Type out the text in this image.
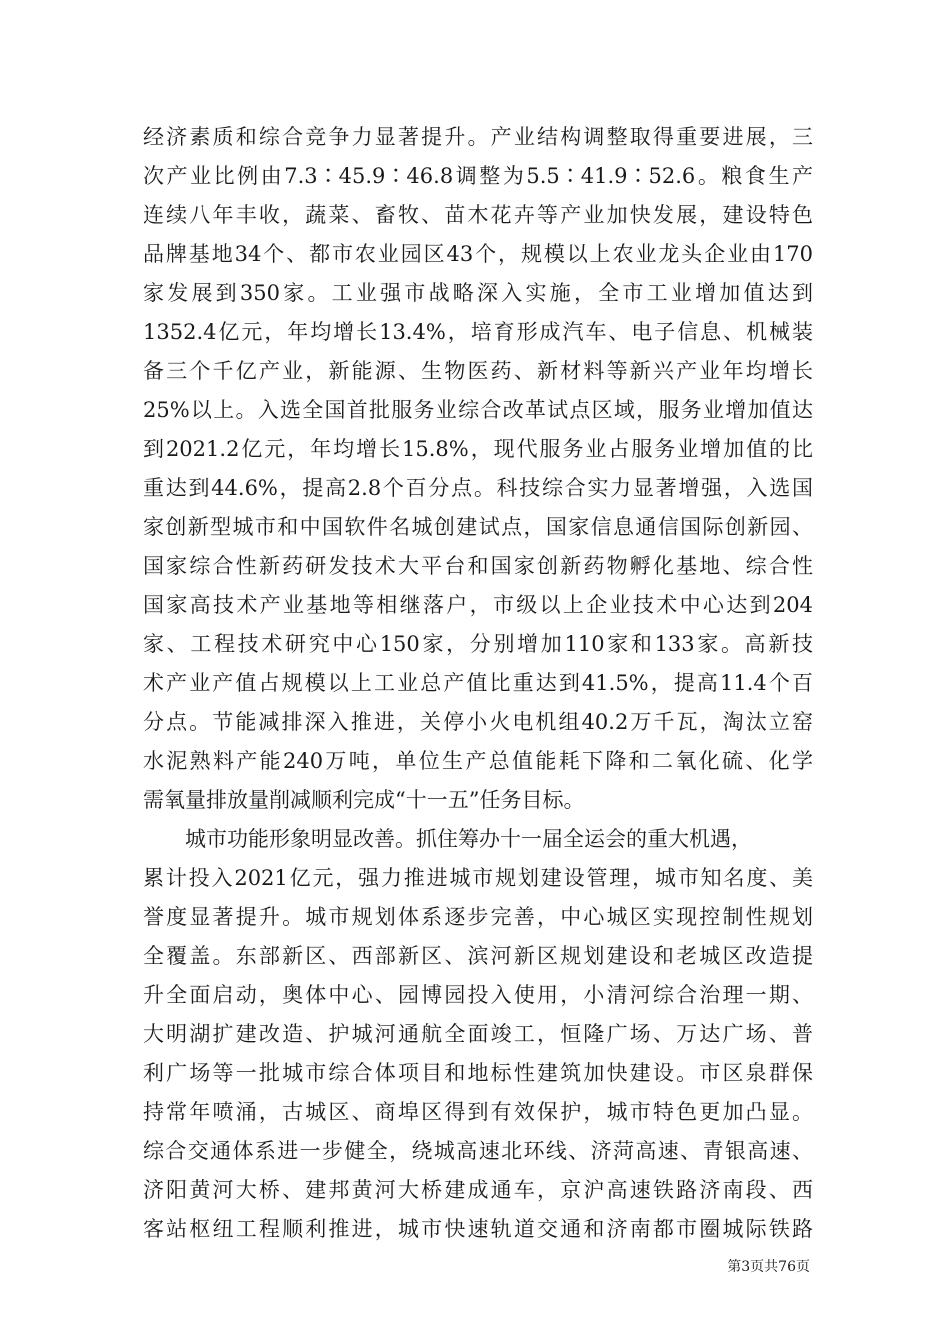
经济素质和综合竞争力显著提升。产业结构调整取得重要进展，三
次产业比例由7.3∶45.9∶46.8调整为5.5∶41.9∶52.6。粮食生产
连续八年丰收，蔬菜、畜牧、苗木花卉等产业加快发展，建设特色
品牌基地34个、都市农业园区43个，规模以上农业龙头企业由170
家发展到350家。工业强市战略深入实施，全市工业增加值达到
1352.4亿元，年均增长13.4%，培育形成汽车、电子信息、机械装
备三个千亿产业，新能源、生物医药、新材料等新兴产业年均增长
25%以上。入选全国首批服务业综合改革试点区域，服务业增加值达
到2021.2亿元，年均增长15.8%，现代服务业占服务业增加值的比
重达到44.6%，提高2.8个百分点。科技综合实力显著增强，入选国
家创新型城市和中国软件名城创建试点，国家信息通信国际创新园、
国家综合性新药研发技术大平台和国家创新药物孵化基地、综合性
国家高技术产业基地等相继落户，市级以上企业技术中心达到204
家、工程技术研究中心150家，分别增加110家和133家。高新技
术产业产值占规模以上工业总产值比重达到41.5%，提高11.4个百
分点。节能减排深入推进，关停小火电机组40.2万千瓦，淘汰立窑
水泥熟料产能240万吨，单位生产总值能耗下降和二氧化硫、化学
需氧量排放量削减顺利完成“十一五”任务目标。
城市功能形象明显改善。抓住筹办十一届全运会的重大机遇，
累计投入2021亿元，强力推进城市规划建设管理，城市知名度、美
誉度显著提升。城市规划体系逐步完善，中心城区实现控制性规划
全覆盖。东部新区、西部新区、滨河新区规划建设和老城区改造提
升全面启动，奥体中心、园博园投入使用，小清河综合治理一期、
大明湖扩建改造、护城河通航全面竣工，恒隆广场、万达广场、普
利广场等一批城市综合体项目和地标性建筑加快建设。市区泉群保
持常年喷涌，古城区、商埠区得到有效保护，城市特色更加凸显。
综合交通体系进一步健全，绕城高速北环线、济菏高速、青银高速、
济阳黄河大桥、建邦黄河大桥建成通车，京沪高速铁路济南段、西
客站枢纽工程顺利推进，城市快速轨道交通和济南都市圈城际铁路
第3页共76页
